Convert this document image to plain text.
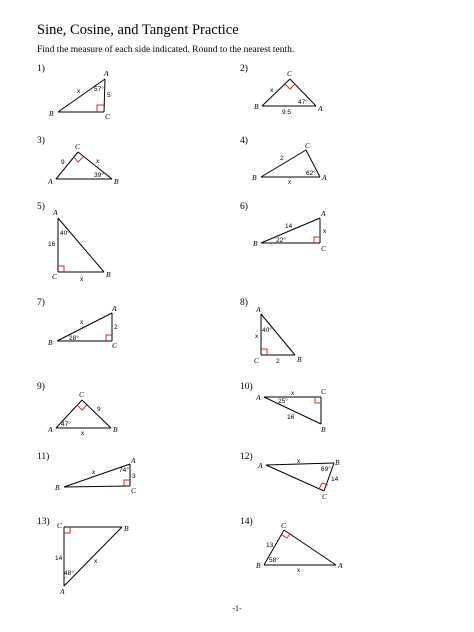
Sine, Cosine, and Tangent Practice
Find the measure of each side indicated. Round to the nearest tenth.
1)	A
B	C
x 57°
5
2)	C
B	A
x
47°
9.5
3)
C
A	B
9	x
39°
4)	C
B	A
2
62°
x
5)
A
C	B
40°
16
x
6)
A
B
C
14
x
22°
7)
A
B	C
x
2
28°
8)
A
C	B
40°
x
2
9)
C
A	B
9
47°
x
10)
A
C
B
x
25°
16
11)	A
B	C
x	74°
3
12)
A	B
C
x
69°
14
13) C	B
A
14	x
48°
14)	C
B	A
13
58°
x
-1-
